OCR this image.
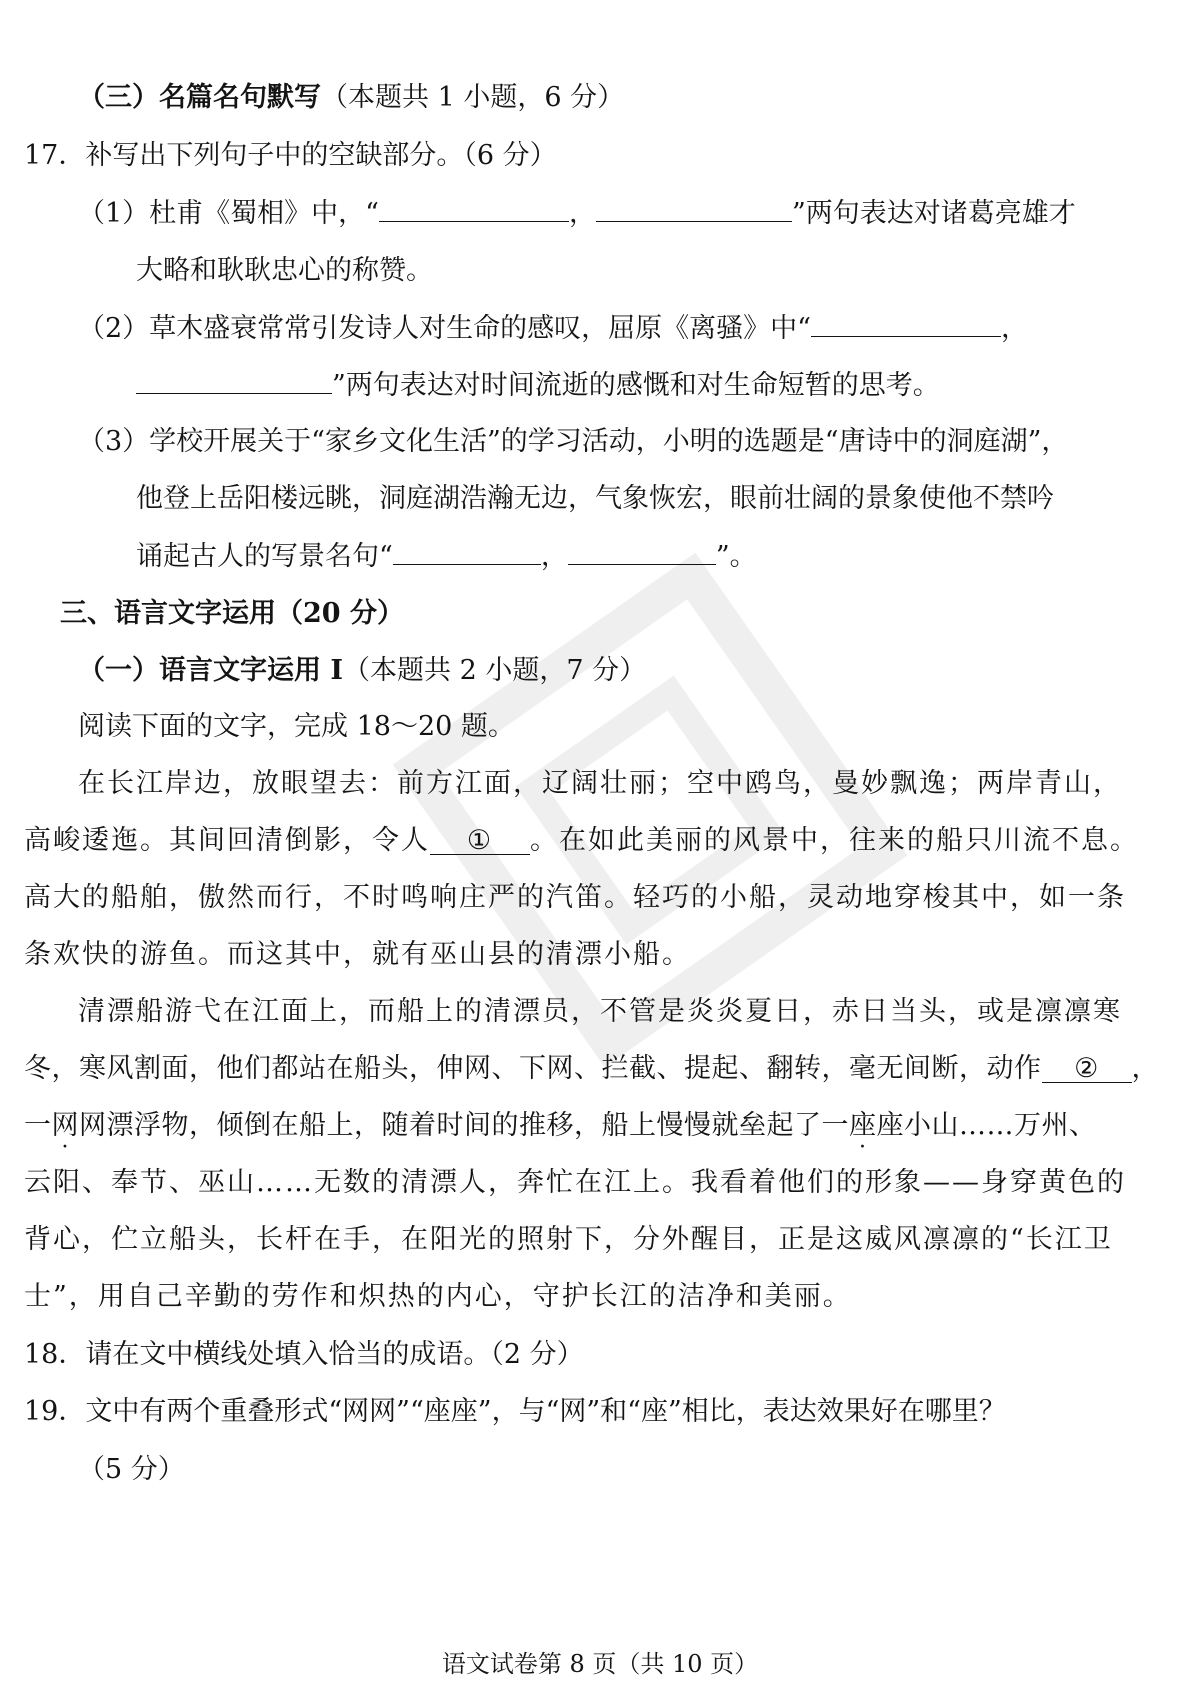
（三）名篇名句默写（本题共 1 小题，6 分）
17．补写出下列句子中的空缺部分。（6 分）
（1）杜甫《蜀相》中，“	，	”两句表达对诸葛亮雄才
大略和耿耿忠心的称赞。
（2）草木盛衰常常引发诗人对生命的感叹，屈原《离骚》中“	，
”两句表达对时间流逝的感慨和对生命短暂的思考。
（3）学校开展关于“家乡文化生活”的学习活动，小明的选题是“唐诗中的洞庭湖”，
他登上岳阳楼远眺，洞庭湖浩瀚无边，气象恢宏，眼前壮阔的景象使他不禁吟
诵起古人的写景名句“	，	”。
三、语言文字运用（20 分）
（一）语言文字运用 I（本题共 2 小题，7 分）
阅读下面的文字，完成 18～20 题。
在长江岸边，放眼望去：前方江面，辽阔壮丽；空中鸥鸟，曼妙飘逸；两岸青山，
高峻逶迤。其间回清倒影，令人 ① 。在如此美丽的风景中，往来的船只川流不息。
高大的船舶，傲然而行，不时鸣响庄严的汽笛。轻巧的小船，灵动地穿梭其中，如一条
条欢快的游鱼。而这其中，就有巫山县的清漂小船。
清漂船游弋在江面上，而船上的清漂员，不管是炎炎夏日，赤日当头，或是凛凛寒
冬，寒风割面，他们都站在船头，伸网、下网、拦截、提起、翻转，毫无间断，动作 ② ，
一网网漂浮物，倾倒在船上，随着时间的推移，船上慢慢就垒起了一座座小山……万州、
云阳、奉节、巫山……无数的清漂人，奔忙在江上。我看着他们的形象——身穿黄色的
背心，伫立船头，长杆在手，在阳光的照射下，分外醒目，正是这威风凛凛的“长江卫
士”，用自己辛勤的劳作和炽热的内心，守护长江的洁净和美丽。
18．请在文中横线处填入恰当的成语。（2 分）
19．文中有两个重叠形式“网网”“座座”，与“网”和“座”相比，表达效果好在哪里？
（5 分）
语文试卷第 8 页（共 10 页）
